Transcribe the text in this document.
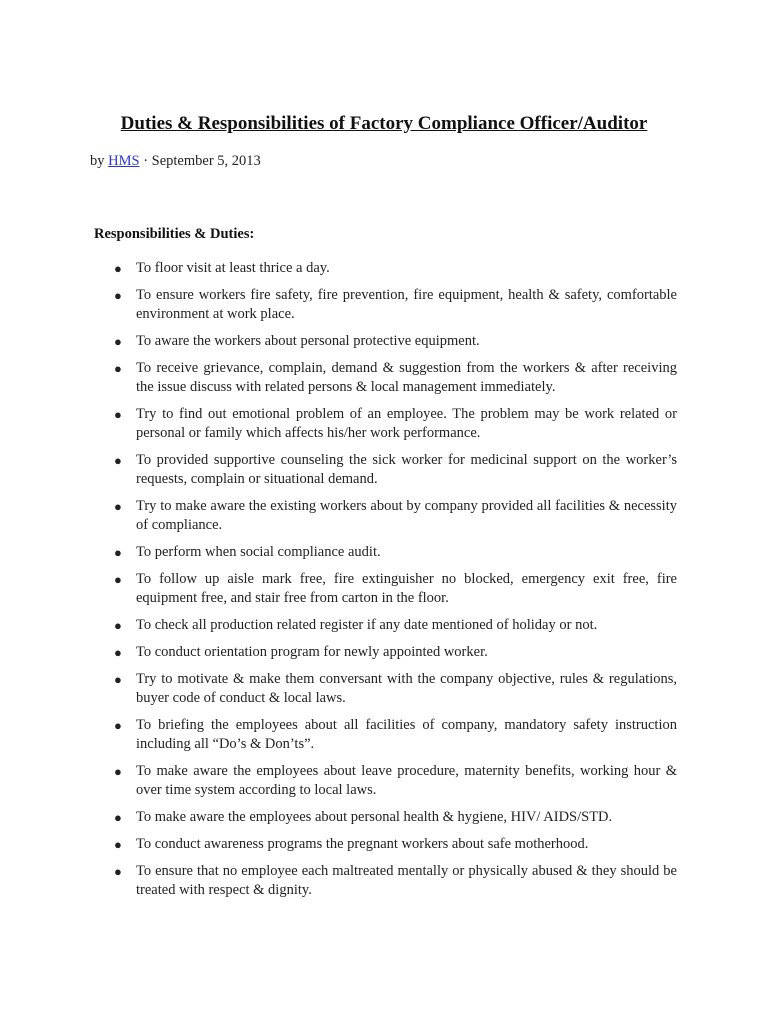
Duties & Responsibilities of Factory Compliance Officer/Auditor
by HMS · September 5, 2013
Responsibilities & Duties:
● To floor visit at least thrice a day.
● To ensure workers fire safety, fire prevention, fire equipment, health & safety, comfortable environment at work place.
● To aware the workers about personal protective equipment.
● To receive grievance, complain, demand & suggestion from the workers & after receiving the issue discuss with related persons & local management immediately.
● Try to find out emotional problem of an employee. The problem may be work related or personal or family which affects his/her work performance.
● To provided supportive counseling the sick worker for medicinal support on the worker’s requests, complain or situational demand.
● Try to make aware the existing workers about by company provided all facilities & necessity of compliance.
● To perform when social compliance audit.
● To follow up aisle mark free, fire extinguisher no blocked, emergency exit free, fire equipment free, and stair free from carton in the floor.
● To check all production related register if any date mentioned of holiday or not.
● To conduct orientation program for newly appointed worker.
● Try to motivate & make them conversant with the company objective, rules & regulations, buyer code of conduct & local laws.
● To briefing the employees about all facilities of company, mandatory safety instruction including all “Do’s & Don’ts”.
● To make aware the employees about leave procedure, maternity benefits, working hour & over time system according to local laws.
● To make aware the employees about personal health & hygiene, HIV/ AIDS/STD.
● To conduct awareness programs the pregnant workers about safe motherhood.
● To ensure that no employee each maltreated mentally or physically abused & they should be treated with respect & dignity.
